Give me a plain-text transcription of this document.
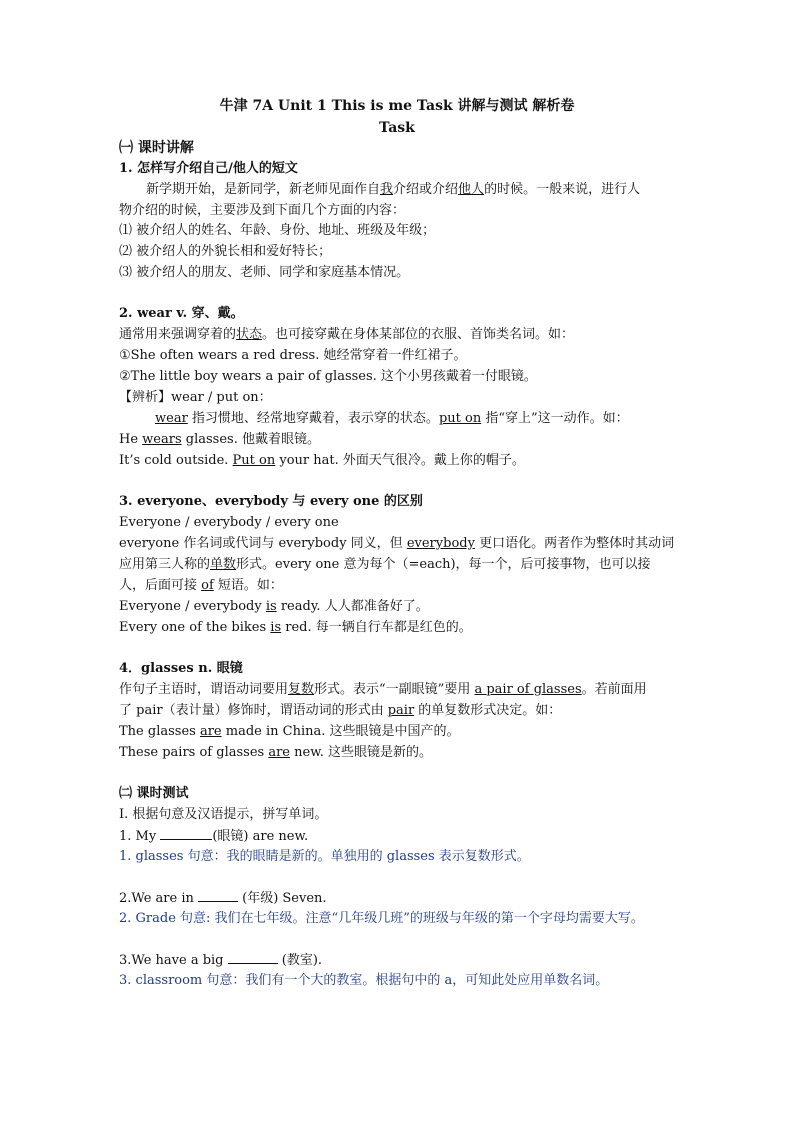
牛津 7A Unit 1 This is me Task 讲解与测试 解析卷
Task
㈠ 课时讲解
1. 怎样写介绍自己/他人的短文
新学期开始，是新同学，新老师见面作自我介绍或介绍他人的时候。一般来说，进行人
物介绍的时候，主要涉及到下面几个方面的内容：
⑴ 被介绍人的姓名、年龄、身份、地址、班级及年级；
⑵ 被介绍人的外貌长相和爱好特长；
⑶ 被介绍人的朋友、老师、同学和家庭基本情况。
2. wear v. 穿、戴。
通常用来强调穿着的状态。也可接穿戴在身体某部位的衣服、首饰类名词。如：
①She often wears a red dress. 她经常穿着一件红裙子。
②The little boy wears a pair of glasses. 这个小男孩戴着一付眼镜。
【辨析】wear / put on：
wear 指习惯地、经常地穿戴着，表示穿的状态。put on 指“穿上”这一动作。如：
He wears glasses. 他戴着眼镜。
It’s cold outside. Put on your hat. 外面天气很冷。戴上你的帽子。
3. everyone、everybody 与 every one 的区别
Everyone / everybody / every one
everyone 作名词或代词与 everybody 同义，但 everybody 更口语化。两者作为整体时其动词
应用第三人称的单数形式。every one 意为每个（=each)，每一个，后可接事物，也可以接
人，后面可接 of 短语。如：
Everyone / everybody is ready. 人人都准备好了。
Every one of the bikes is red. 每一辆自行车都是红色的。
4．glasses n. 眼镜
作句子主语时，谓语动词要用复数形式。表示“一副眼镜”要用 a pair of glasses。若前面用
了 pair（表计量）修饰时，谓语动词的形式由 pair 的单复数形式决定。如：
The glasses are made in China. 这些眼镜是中国产的。
These pairs of glasses are new. 这些眼镜是新的。
㈡ 课时测试
I. 根据句意及汉语提示，拼写单词。
1. My	(眼镜) are new.
1. glasses 句意：我的眼睛是新的。单独用的 glasses 表示复数形式。
2.We are in	(年级) Seven.
2. Grade 句意: 我们在七年级。注意“几年级几班”的班级与年级的第一个字母均需要大写。
3.We have a big	(教室).
3. classroom 句意：我们有一个大的教室。根据句中的 a，可知此处应用单数名词。
